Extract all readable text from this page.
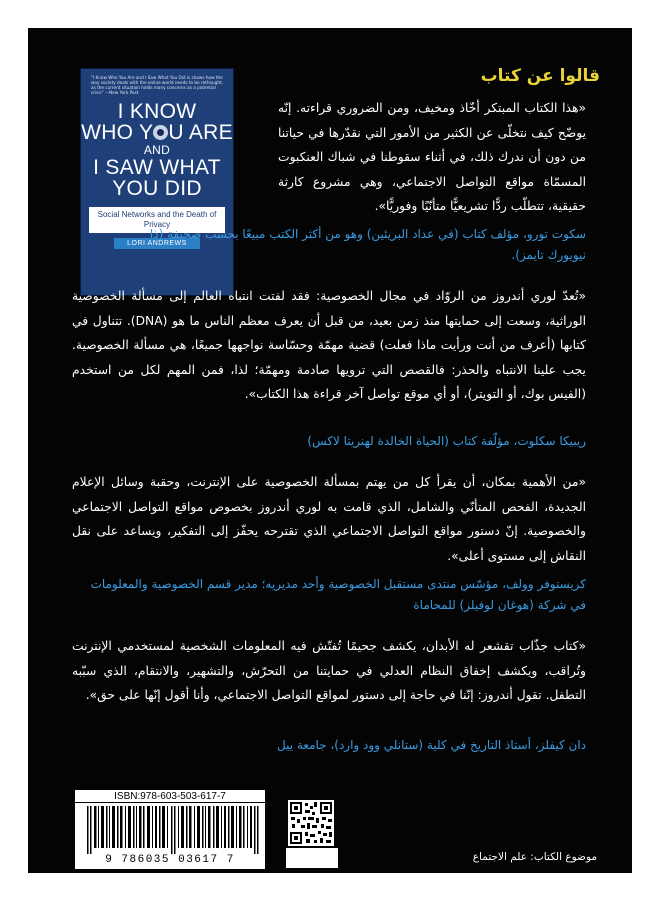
"I Know Who You Are and I Saw What You Did is shows how the way society deals with the online world needs to be rethought, as the current situation holds many concerns as a potential crisis" —New York Post
I KNOW
WHO Y U ARE
AND
I SAW WHAT
YOU DID
Social Networks and the Death of Privacy
LORI ANDREWS
قالوا عن كتاب
«هذا الكتاب المبتكر أخّاذ ومخيف، ومن الضروري قراءته. إنّه يوضّح كيف نتخلّى عن الكثير من الأمور التي نقدّرها في حياتنا من دون أن ندرك ذلك، في أثناء سقوطنا في شباك العنكبوت المسمّاة مواقع التواصل الاجتماعي، وهي مشروع كارثة حقيقية، تتطلّب ردًّا تشريعيًّا متأنّيًا وفوريًّا».
سكوت تورو، مؤلف كتاب (في عداد البريئين) وهو من أكثر الكتب مبيعًا بحسب صحيفة (ذا نيويورك تايمز).
«تُعدّ لوري أندروز من الروّاد في مجال الخصوصية: فقد لفتت انتباه العالم إلى مسألة الخصوصية الوراثية، وسعت إلى حمايتها منذ زمن بعيد، من قبل أن يعرف معظم الناس ما هو (DNA). تتناول في كتابها (أعرف من أنت ورأيت ماذا فعلت) قضية مهمّة وحسّاسة نواجهها جميعًا، هي مسألة الخصوصية. يجب علينا الانتباه والحذر: فالقصص التي ترويها صادمة ومهمّة؛ لذا، فمن المهم لكل من استخدم (الفيس بوك، أو التويتر)، أو أي موقع تواصل آخر قراءة هذا الكتاب».
ريبيكا سكلوت، مؤلّفة كتاب (الحياة الخالدة لهنريتا لاكس)
«من الأهمية بمكان، أن يقرأ كل من يهتم بمسألة الخصوصية على الإنترنت، وحقبة وسائل الإعلام الجديدة، الفحص المتأنّي والشامل، الذي قامت به لوري أندروز بخصوص مواقع التواصل الاجتماعي والخصوصية. إنّ دستور مواقع التواصل الاجتماعي الذي تقترحه يحفّز إلى التفكير، ويساعد على نقل النقاش إلى مستوى أعلى».
كريستوفر وولف، مؤسّس منتدى مستقبل الخصوصية وأحد مديريه؛ مدير قسم الخصوصية والمعلومات في شركة (هوغان لوفيلز) للمحاماة
«كتاب جذّاب تقشعر له الأبدان، يكشف جحيمًا تُفتّش فيه المعلومات الشخصية لمستخدمي الإنترنت وتُراقب، ويكشف إخفاق النظام العدلي في حمايتنا من التحرّش، والتشهير، والانتقام، الذي سبّبه التطفل. تقول أندروز: إنّنا في حاجة إلى دستور لمواقع التواصل الاجتماعي، وأنا أقول إنّها على حق».
دان كيفلز، أستاذ التاريخ في كلية (ستانلي وود وارد)، جامعة ييل
ISBN:978-603-503-617-7
9 786035 03617 7	موضوع الكتاب: علم الاجتماع
